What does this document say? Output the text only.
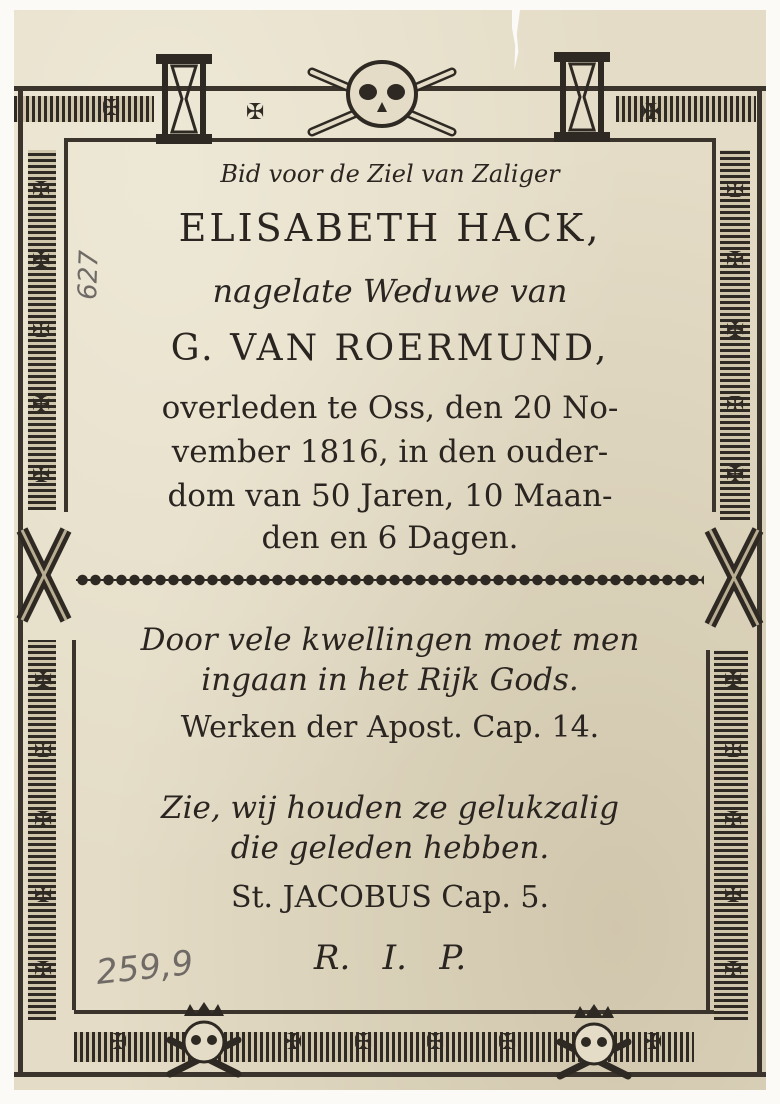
✠
✠
✠
✠
✠
✠
✠
✠
✠
✠
✠
✠
✠
✠
✠
✠
✠
✠
✠
✠
✠	✠	✠
✠	✠ ✠ ✠ ✠	✠
627
259,9
Bid voor de Ziel van Zaliger
ELISABETH HACK,
nagelate Weduwe van
G. VAN ROERMUND,
overleden te Oss, den 20 No-
vember 1816, in den ouder-
dom van 50 Jaren, 10 Maan-
den en 6 Dagen.
Door vele kwellingen moet men
ingaan in het Rijk Gods.
Werken der Apost. Cap. 14.
Zie, wij houden ze gelukzalig
die geleden hebben.
St. JACOBUS Cap. 5.
R.   I.   P.
